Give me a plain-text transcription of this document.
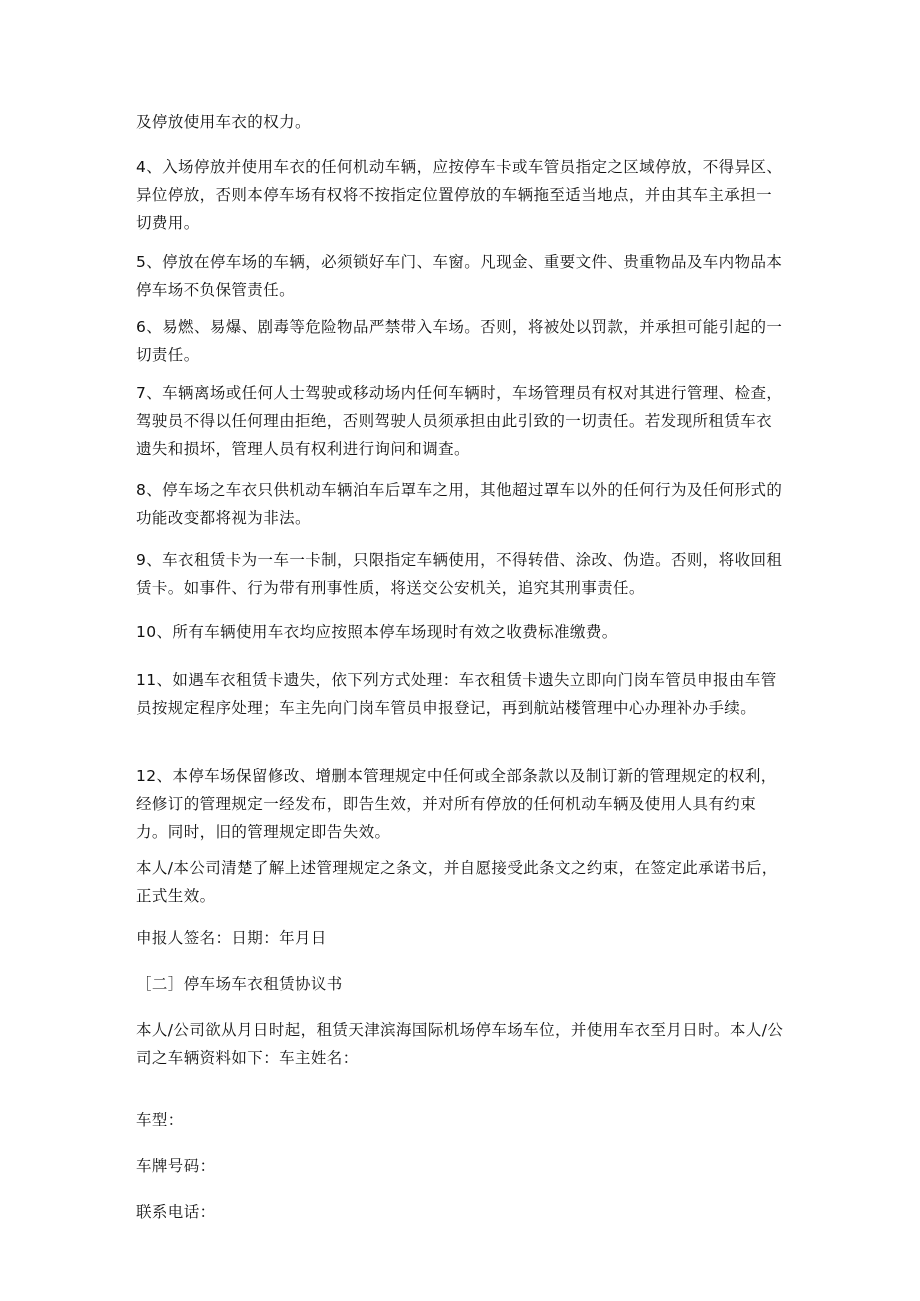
及停放使用车衣的权力。

4、入场停放并使用车衣的任何机动车辆，应按停车卡或车管员指定之区域停放，不得异区、异位停放，否则本停车场有权将不按指定位置停放的车辆拖至适当地点，并由其车主承担一切费用。

5、停放在停车场的车辆，必须锁好车门、车窗。凡现金、重要文件、贵重物品及车内物品本停车场不负保管责任。

6、易燃、易爆、剧毒等危险物品严禁带入车场。否则，将被处以罚款，并承担可能引起的一切责任。

7、车辆离场或任何人士驾驶或移动场内任何车辆时，车场管理员有权对其进行管理、检查，驾驶员不得以任何理由拒绝，否则驾驶人员须承担由此引致的一切责任。若发现所租赁车衣遗失和损坏，管理人员有权利进行询问和调查。

8、停车场之车衣只供机动车辆泊车后罩车之用，其他超过罩车以外的任何行为及任何形式的功能改变都将视为非法。

9、车衣租赁卡为一车一卡制，只限指定车辆使用，不得转借、涂改、伪造。否则，将收回租赁卡。如事件、行为带有刑事性质，将送交公安机关，追究其刑事责任。

10、所有车辆使用车衣均应按照本停车场现时有效之收费标准缴费。

11、如遇车衣租赁卡遗失，依下列方式处理：车衣租赁卡遗失立即向门岗车管员申报由车管员按规定程序处理；车主先向门岗车管员申报登记，再到航站楼管理中心办理补办手续。

12、本停车场保留修改、增删本管理规定中任何或全部条款以及制订新的管理规定的权利，经修订的管理规定一经发布，即告生效，并对所有停放的任何机动车辆及使用人具有约束力。同时，旧的管理规定即告失效。

本人/本公司清楚了解上述管理规定之条文，并自愿接受此条文之约束，在签定此承诺书后，正式生效。

申报人签名：日期：年月日

［二］停车场车衣租赁协议书

本人/公司欲从月日时起，租赁天津滨海国际机场停车场车位，并使用车衣至月日时。本人/公司之车辆资料如下：车主姓名：

车型：

车牌号码：

联系电话：
